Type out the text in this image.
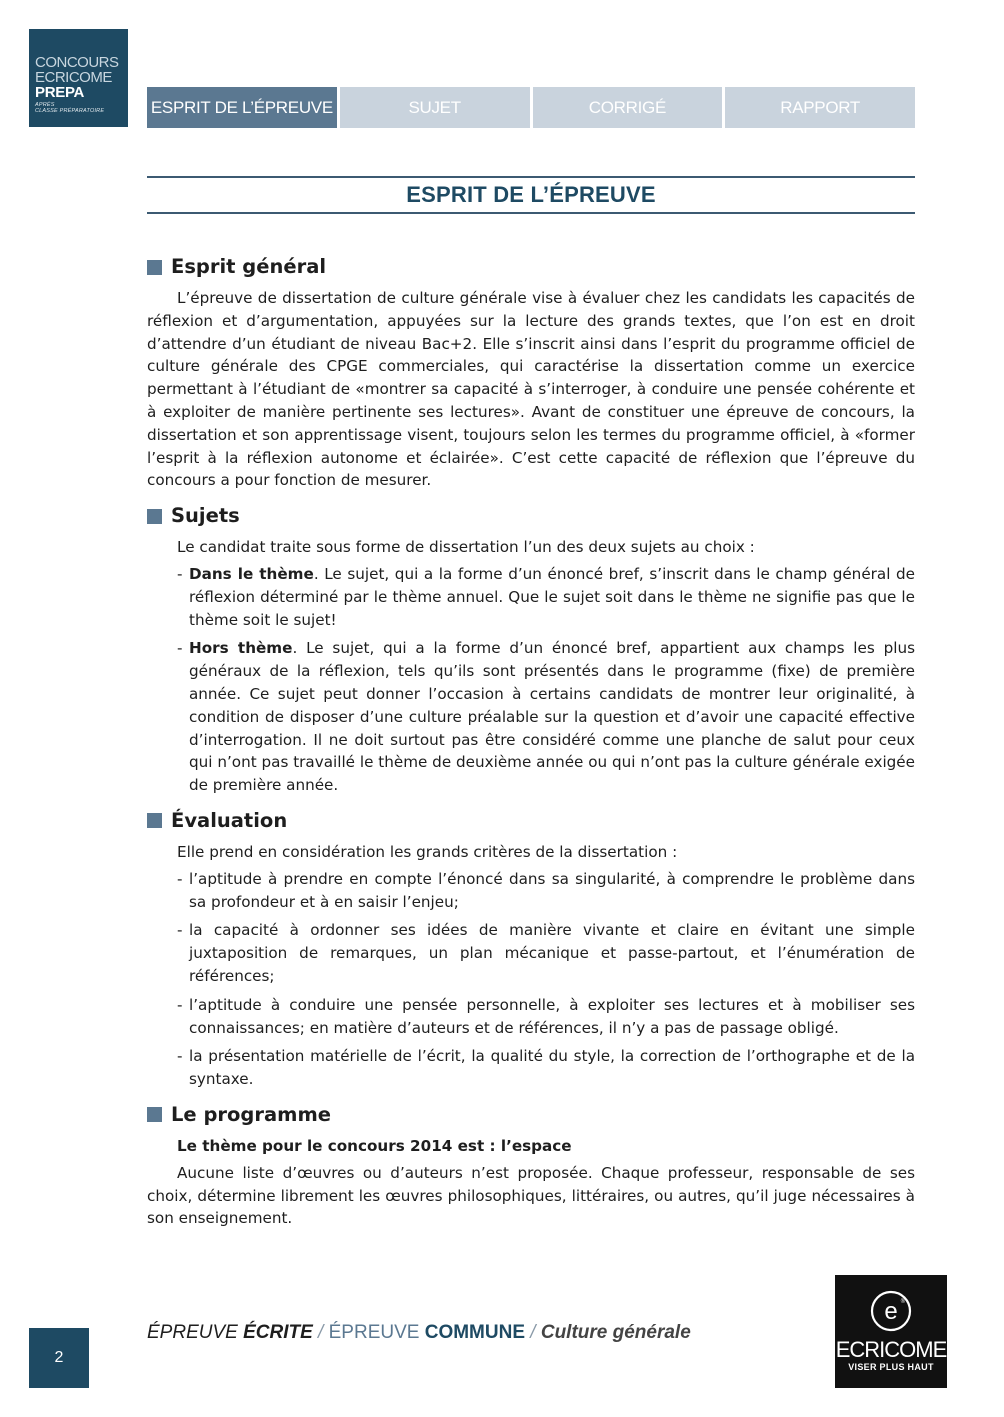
CONCOURS
ECRICOME
PREPA
APRÈS
CLASSE PRÉPARATOIRE	ESPRIT DE L’ÉPREUVE	SUJET	CORRIGÉ	RAPPORT
ESPRIT DE L’ÉPREUVE
Esprit général

L’épreuve de dissertation de culture générale vise à évaluer chez les candidats les capacités de réflexion et d’argumentation, appuyées sur la lecture des grands textes, que l’on est en droit d’attendre d’un étudiant de niveau Bac+2. Elle s’inscrit ainsi dans l’esprit du programme officiel de culture générale des CPGE commerciales, qui caractérise la dissertation comme un exercice permettant à l’étudiant de «montrer sa capacité à s’interroger, à conduire une pensée cohérente et à exploiter de manière pertinente ses lectures». Avant de constituer une épreuve de concours, la dissertation et son apprentissage visent, toujours selon les termes du programme officiel, à «former l’esprit à la réflexion autonome et éclairée». C’est cette capacité de réflexion que l’épreuve du concours a pour fonction de mesurer.

Sujets

Le candidat traite sous forme de dissertation l’un des deux sujets au choix :

- Dans le thème. Le sujet, qui a la forme d’un énoncé bref, s’inscrit dans le champ général de réflexion déterminé par le thème annuel. Que le sujet soit dans le thème ne signifie pas que le thème soit le sujet!
- Hors thème. Le sujet, qui a la forme d’un énoncé bref, appartient aux champs les plus généraux de la réflexion, tels qu’ils sont présentés dans le programme (fixe) de première année. Ce sujet peut donner l’occasion à certains candidats de montrer leur originalité, à condition de disposer d’une culture préalable sur la question et d’avoir une capacité effective d’interrogation. Il ne doit surtout pas être considéré comme une planche de salut pour ceux qui n’ont pas travaillé le thème de deuxième année ou qui n’ont pas la culture générale exigée de première année.
Évaluation

Elle prend en considération les grands critères de la dissertation :

- l’aptitude à prendre en compte l’énoncé dans sa singularité, à comprendre le problème dans sa profondeur et à en saisir l’enjeu;
- la capacité à ordonner ses idées de manière vivante et claire en évitant une simple juxtaposition de remarques, un plan mécanique et passe-partout, et l’énumération de références;
- l’aptitude à conduire une pensée personnelle, à exploiter ses lectures et à mobiliser ses connaissances; en matière d’auteurs et de références, il n’y a pas de passage obligé.
- la présentation matérielle de l’écrit, la qualité du style, la correction de l’orthographe et de la syntaxe.
Le programme

Le thème pour le concours 2014 est : l’espace

Aucune liste d’œuvres ou d’auteurs n’est proposée. Chaque professeur, responsable de ses choix, détermine librement les œuvres philosophiques, littéraires, ou autres, qu’il juge nécessaires à son enseignement.

2
ÉPREUVE ÉCRITE / ÉPREUVE COMMUNE / Culture générale
e ®
ECRICOME
VISER PLUS HAUT
